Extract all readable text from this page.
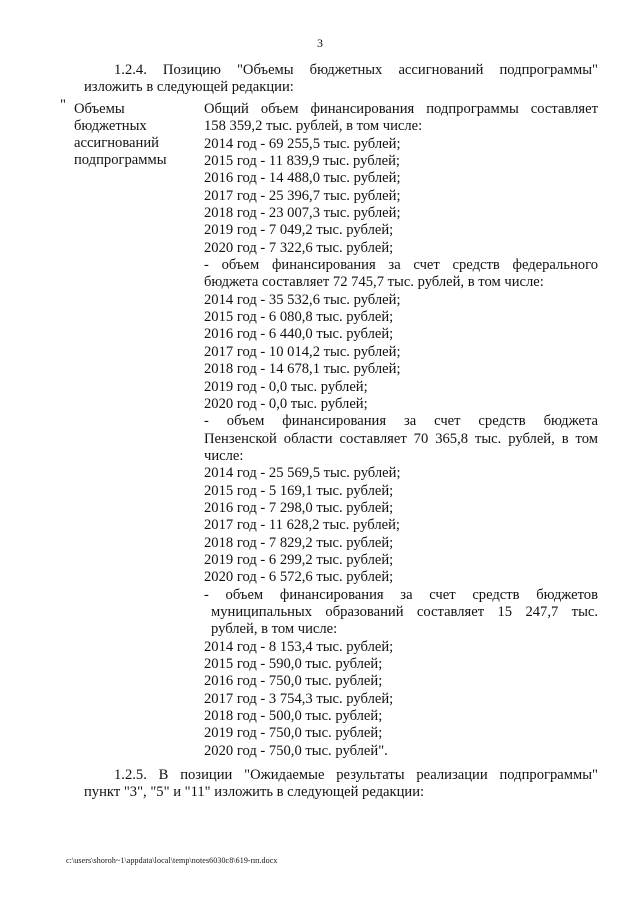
3
1.2.4. Позицию "Объемы бюджетных ассигнований подпрограммы"
изложить в следующей редакции:
" Объемы
бюджетных
ассигнований
подпрограммы
Общий объем финансирования подпрограммы составляет
158 359,2 тыс. рублей, в том числе:
2014 год - 69 255,5 тыс. рублей;
2015 год - 11 839,9 тыс. рублей;
2016 год - 14 488,0 тыс. рублей;
2017 год - 25 396,7 тыс. рублей;
2018 год - 23 007,3 тыс. рублей;
2019 год - 7 049,2 тыс. рублей;
2020 год - 7 322,6 тыс. рублей;
- объем финансирования за счет средств федерального
бюджета составляет 72 745,7 тыс. рублей, в том числе:
2014 год - 35 532,6 тыс. рублей;
2015 год - 6 080,8 тыс. рублей;
2016 год - 6 440,0 тыс. рублей;
2017 год - 10 014,2 тыс. рублей;
2018 год - 14 678,1 тыс. рублей;
2019 год - 0,0 тыс. рублей;
2020 год - 0,0 тыс. рублей;
- объем финансирования за счет средств бюджета
Пензенской области составляет 70 365,8 тыс. рублей, в том
числе:
2014 год - 25 569,5 тыс. рублей;
2015 год - 5 169,1 тыс. рублей;
2016 год - 7 298,0 тыс. рублей;
2017 год - 11 628,2 тыс. рублей;
2018 год - 7 829,2 тыс. рублей;
2019 год - 6 299,2 тыс. рублей;
2020 год - 6 572,6 тыс. рублей;
- объем финансирования за счет средств бюджетов
муниципальных образований составляет 15 247,7 тыс.
рублей, в том числе:
2014 год - 8 153,4 тыс. рублей;
2015 год - 590,0 тыс. рублей;
2016 год - 750,0 тыс. рублей;
2017 год - 3 754,3 тыс. рублей;
2018 год - 500,0 тыс. рублей;
2019 год - 750,0 тыс. рублей;
2020 год - 750,0 тыс. рублей".
1.2.5. В позиции "Ожидаемые результаты реализации подпрограммы"
пункт "3", "5" и "11" изложить в следующей редакции:
c:\users\shoroh~1\appdata\local\temp\notes6030c8\619-пп.docx
